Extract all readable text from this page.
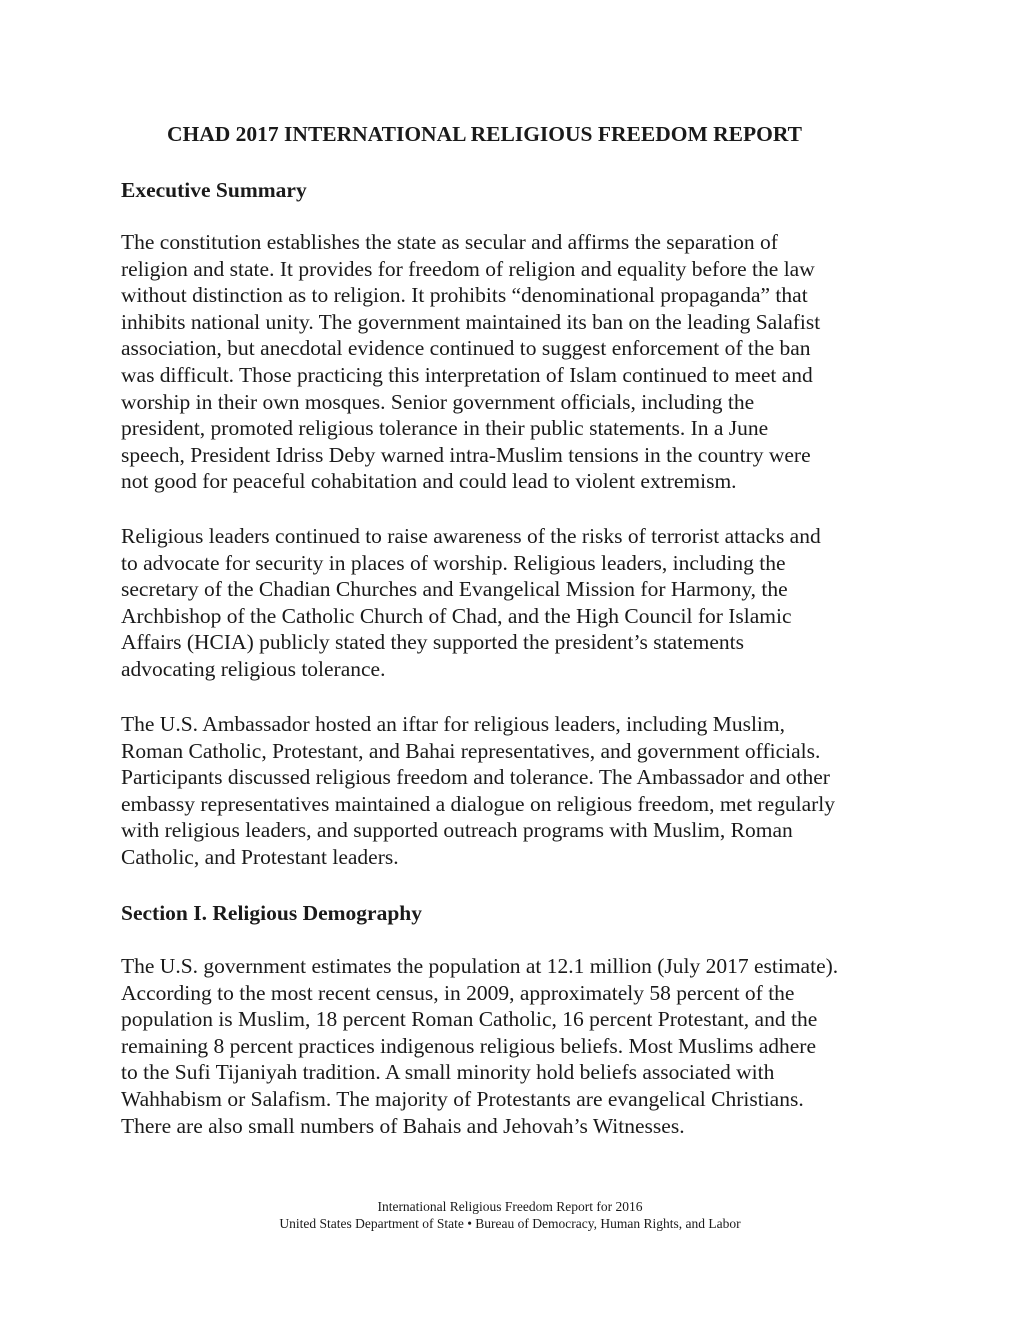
CHAD 2017 INTERNATIONAL RELIGIOUS FREEDOM REPORT
Executive Summary

The constitution establishes the state as secular and affirms the separation of
religion and state. It provides for freedom of religion and equality before the law
without distinction as to religion. It prohibits “denominational propaganda” that
inhibits national unity. The government maintained its ban on the leading Salafist
association, but anecdotal evidence continued to suggest enforcement of the ban
was difficult. Those practicing this interpretation of Islam continued to meet and
worship in their own mosques. Senior government officials, including the
president, promoted religious tolerance in their public statements. In a June
speech, President Idriss Deby warned intra-Muslim tensions in the country were
not good for peaceful cohabitation and could lead to violent extremism.

Religious leaders continued to raise awareness of the risks of terrorist attacks and
to advocate for security in places of worship. Religious leaders, including the
secretary of the Chadian Churches and Evangelical Mission for Harmony, the
Archbishop of the Catholic Church of Chad, and the High Council for Islamic
Affairs (HCIA) publicly stated they supported the president’s statements
advocating religious tolerance.

The U.S. Ambassador hosted an iftar for religious leaders, including Muslim,
Roman Catholic, Protestant, and Bahai representatives, and government officials.
Participants discussed religious freedom and tolerance. The Ambassador and other
embassy representatives maintained a dialogue on religious freedom, met regularly
with religious leaders, and supported outreach programs with Muslim, Roman
Catholic, and Protestant leaders.

Section I. Religious Demography

The U.S. government estimates the population at 12.1 million (July 2017 estimate).
According to the most recent census, in 2009, approximately 58 percent of the
population is Muslim, 18 percent Roman Catholic, 16 percent Protestant, and the
remaining 8 percent practices indigenous religious beliefs. Most Muslims adhere
to the Sufi Tijaniyah tradition. A small minority hold beliefs associated with
Wahhabism or Salafism. The majority of Protestants are evangelical Christians.
There are also small numbers of Bahais and Jehovah’s Witnesses.

International Religious Freedom Report for 2016
United States Department of State • Bureau of Democracy, Human Rights, and Labor
